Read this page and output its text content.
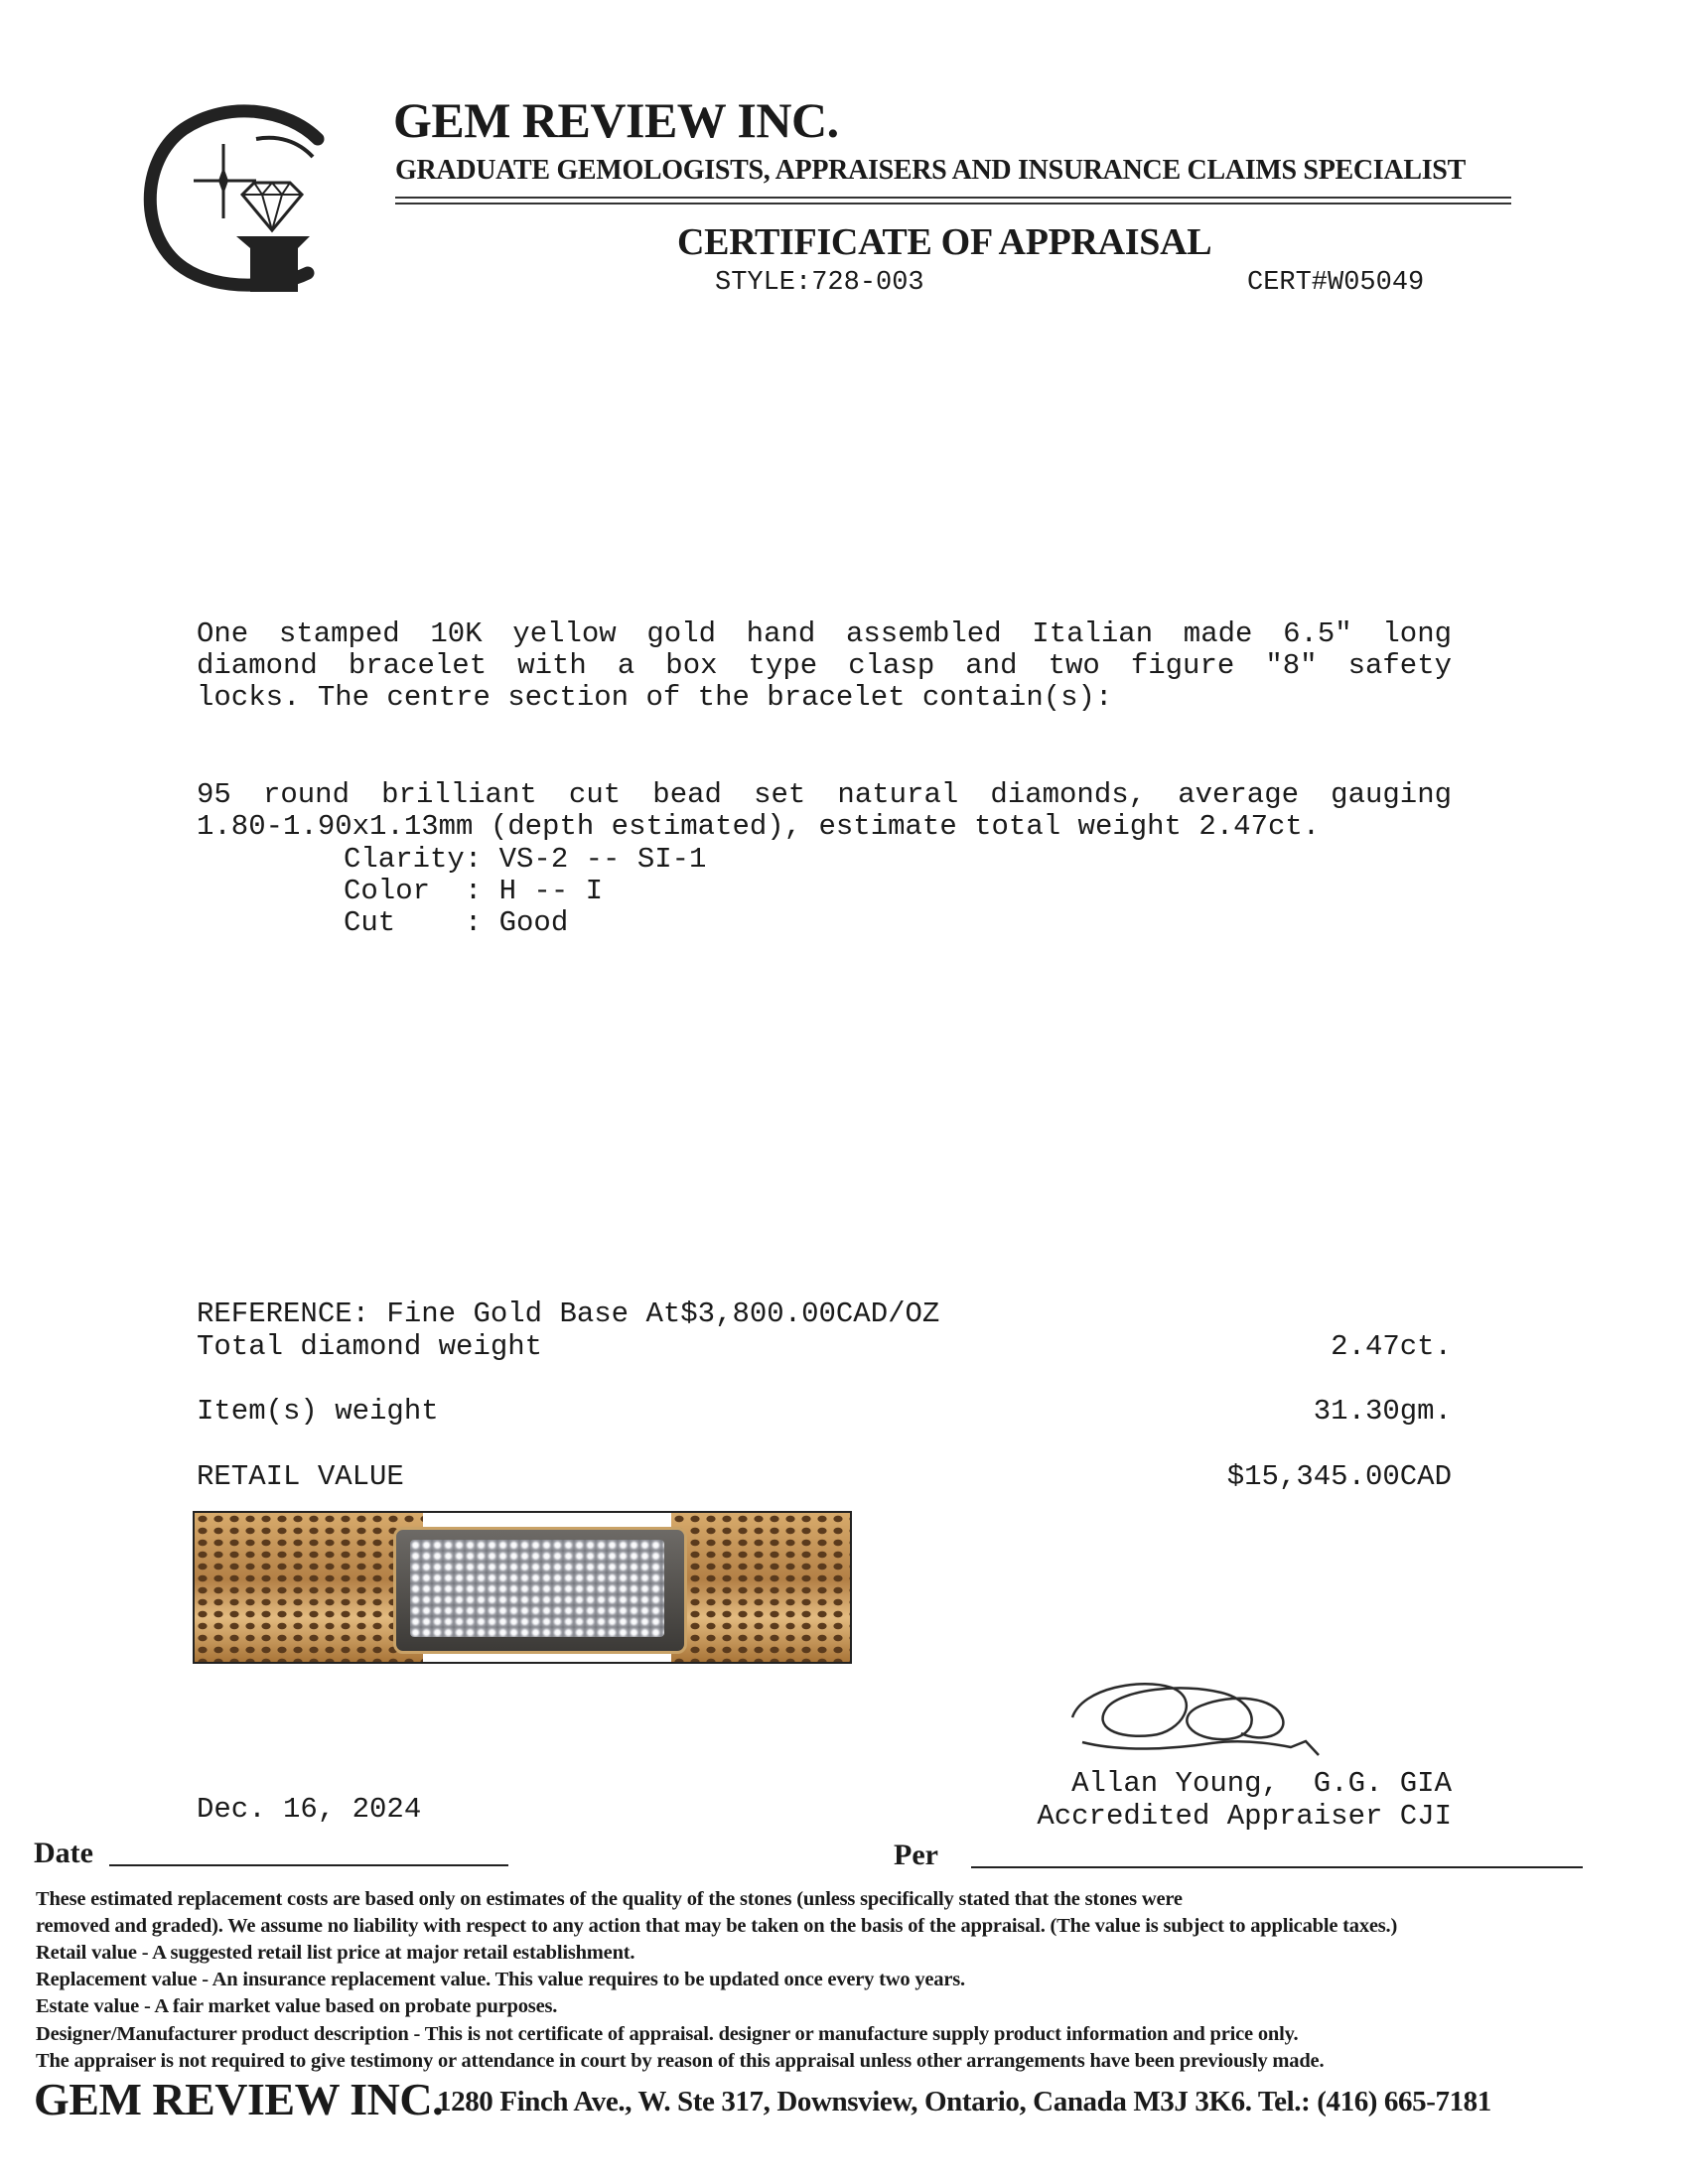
GEM REVIEW INC.
GRADUATE GEMOLOGISTS, APPRAISERS AND INSURANCE CLAIMS SPECIALIST
CERTIFICATE OF APPRAISAL
STYLE:728-003	CERT#W05049
One stamped 10K yellow gold hand assembled Italian made 6.5" long
diamond bracelet with a box type clasp and two figure "8" safety
locks. The centre section of the bracelet contain(s):
95 round brilliant cut bead set natural diamonds, average gauging
1.80-1.90x1.13mm (depth estimated), estimate total weight 2.47ct.
Clarity: VS-2 -- SI-1
Color  : H -- I
Cut    : Good
REFERENCE: Fine Gold Base At$3,800.00CAD/OZ
Total diamond weight	2.47ct.
Item(s) weight	31.30gm.
RETAIL VALUE	$15,345.00CAD
Allan Young,  G.G. GIA
Accredited Appraiser CJI
Dec. 16, 2024
Date	Per
These estimated replacement costs are based only on estimates of the quality of the stones (unless specifically stated that the stones were
removed and graded). We assume no liability with respect to any action that may be taken on the basis of the appraisal. (The value is subject to applicable taxes.)
Retail value - A suggested retail list price at major retail establishment.
Replacement value - An insurance replacement value. This value requires to be updated once every two years.
Estate value - A fair market value based on probate purposes.
Designer/Manufacturer product description - This is not certificate of appraisal. designer or manufacture supply product information and price only.
The appraiser is not required to give testimony or attendance in court by reason of this appraisal unless other arrangements have been previously made.
GEM REVIEW INC.
1280 Finch Ave., W. Ste 317, Downsview, Ontario, Canada M3J 3K6. Tel.: (416) 665-7181
